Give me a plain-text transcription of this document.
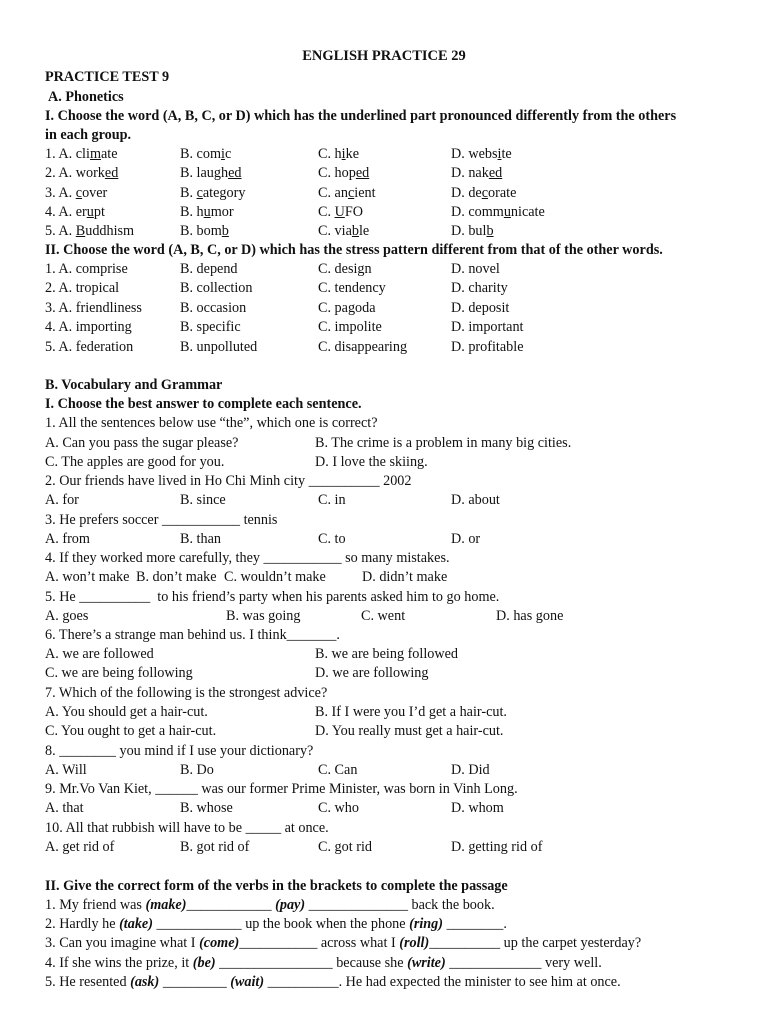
ENGLISH PRACTICE 29
PRACTICE TEST 9
A. Phonetics
I. Choose the word (A, B, C, or D) which has the underlined part pronounced differently from the others
in each group.
1. A. climate	B. comic	C. hike	D. website
2. A. worked	B. laughed	C. hoped	D. naked
3. A. cover	B. category	C. ancient	D. decorate
4. A. erupt	B. humor	C. UFO	D. communicate
5. A. Buddhism	B. bomb	C. viable	D. bulb
II. Choose the word (A, B, C, or D) which has the stress pattern different from that of the other words.
1. A. comprise	B. depend	C. design	D. novel
2. A. tropical	B. collection	C. tendency	D. charity
3. A. friendliness	B. occasion	C. pagoda	D. deposit
4. A. importing	B. specific	C. impolite	D. important
5. A. federation	B. unpolluted	C. disappearing	D. profitable
B. Vocabulary and Grammar
I. Choose the best answer to complete each sentence.
1. All the sentences below use “the”, which one is correct?
A. Can you pass the sugar please?	B. The crime is a problem in many big cities.
C. The apples are good for you.	D. I love the skiing.
2. Our friends have lived in Ho Chi Minh city __________ 2002
A. for	B. since	C. in	D. about
3. He prefers soccer ___________ tennis
A. from	B. than	C. to	D. or
4. If they worked more carefully, they ___________ so many mistakes.
A. won’t make B. don’t make C. wouldn’t make	D. didn’t make
5. He __________  to his friend’s party when his parents asked him to go home.
A. goes	B. was going	C. went	D. has gone
6. There’s a strange man behind us. I think_______.
A. we are followed	B. we are being followed
C. we are being following	D. we are following
7. Which of the following is the strongest advice?
A. You should get a hair-cut.	B. If I were you I’d get a hair-cut.
C. You ought to get a hair-cut.	D. You really must get a hair-cut.
8. ________ you mind if I use your dictionary?
A. Will	B. Do	C. Can	D. Did
9. Mr.Vo Van Kiet, ______ was our former Prime Minister, was born in Vinh Long.
A. that	B. whose	C. who	D. whom
10. All that rubbish will have to be _____ at once.
A. get rid of	B. got rid of	C. got rid	D. getting rid of
II. Give the correct form of the verbs in the brackets to complete the passage
1. My friend was (make)____________ (pay) ______________ back the book.
2. Hardly he (take) ____________ up the book when the phone (ring) ________.
3. Can you imagine what I (come)___________ across what I (roll)__________ up the carpet yesterday?
4. If she wins the prize, it (be) ________________ because she (write) _____________ very well.
5. He resented (ask) _________ (wait) __________. He had expected the minister to see him at once.
